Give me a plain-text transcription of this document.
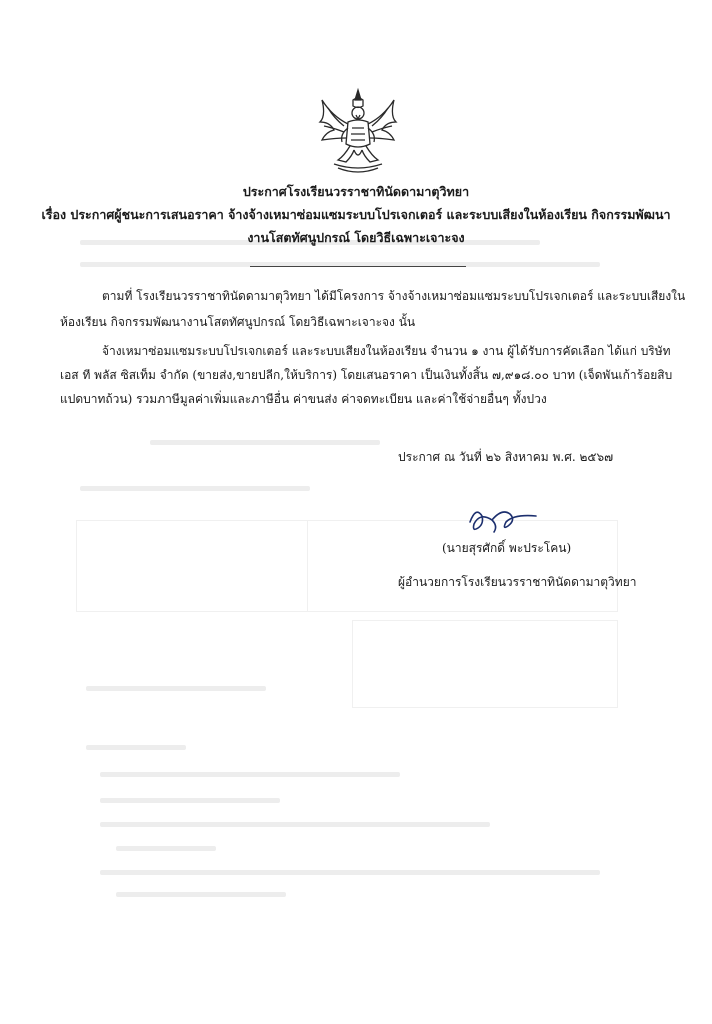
ประกาศโรงเรียนวรราชาทินัดดามาตุวิทยา
เรื่อง ประกาศผู้ชนะการเสนอราคา จ้างจ้างเหมาซ่อมแซมระบบโปรเจกเตอร์ และระบบเสียงในห้องเรียน กิจกรรมพัฒนา
งานโสตทัศนูปกรณ์ โดยวิธีเฉพาะเจาะจง
ตามที่ โรงเรียนวรราชาทินัดดามาตุวิทยา ได้มีโครงการ จ้างจ้างเหมาซ่อมแซมระบบโปรเจกเตอร์ และระบบเสียงใน
ห้องเรียน กิจกรรมพัฒนางานโสตทัศนูปกรณ์ โดยวิธีเฉพาะเจาะจง นั้น
จ้างเหมาซ่อมแซมระบบโปรเจกเตอร์ และระบบเสียงในห้องเรียน จำนวน ๑ งาน ผู้ได้รับการคัดเลือก ได้แก่ บริษัท
เอส ที พลัส ซิสเท็ม จำกัด (ขายส่ง,ขายปลีก,ให้บริการ) โดยเสนอราคา เป็นเงินทั้งสิ้น ๗,๙๑๘.๐๐ บาท (เจ็ดพันเก้าร้อยสิบ
แปดบาทถ้วน) รวมภาษีมูลค่าเพิ่มและภาษีอื่น ค่าขนส่ง ค่าจดทะเบียน และค่าใช้จ่ายอื่นๆ ทั้งปวง
ประกาศ ณ วันที่ ๒๖ สิงหาคม พ.ศ. ๒๕๖๗
(นายสุรศักดิ์ พะประโคน)
ผู้อำนวยการโรงเรียนวรราชาทินัดดามาตุวิทยา
